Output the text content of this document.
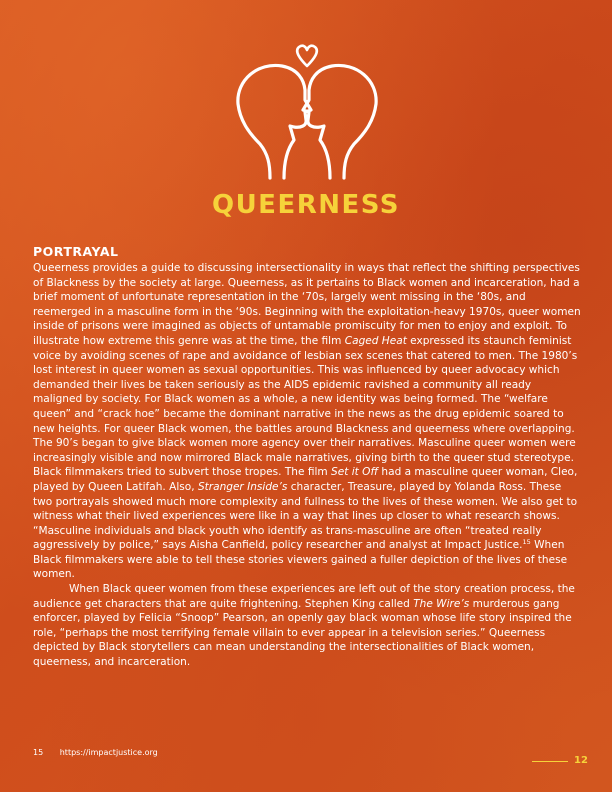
QUEERNESS
PORTRAYAL

Queerness provides a guide to discussing intersectionality in ways that reflect the shifting perspectives of Blackness by the society at large. Queerness, as it pertains to Black women and incarceration, had a brief moment of unfortunate representation in the ‘70s, largely went missing in the ‘80s, and reemerged in a masculine form in the ‘90s. Beginning with the exploitation-heavy 1970s, queer women inside of prisons were imagined as objects of untamable promiscuity for men to enjoy and exploit. To illustrate how extreme this genre was at the time, the film Caged Heat expressed its staunch feminist voice by avoiding scenes of rape and avoidance of lesbian sex scenes that catered to men. The 1980’s lost interest in queer women as sexual opportunities. This was influenced by queer advocacy which demanded their lives be taken seriously as the AIDS epidemic ravished a community all ready maligned by society. For Black women as a whole, a new identity was being formed. The “welfare queen” and “crack hoe” became the dominant narrative in the news as the drug epidemic soared to new heights. For queer Black women, the battles around Blackness and queerness where overlapping. The 90’s began to give black women more agency over their narratives. Masculine queer women were increasingly visible and now mirrored Black male narratives, giving birth to the queer stud stereotype. Black filmmakers tried to subvert those tropes. The film Set it Off had a masculine queer woman, Cleo, played by Queen Latifah. Also, Stranger Inside’s character, Treasure, played by Yolanda Ross. These two portrayals showed much more complexity and fullness to the lives of these women. We also get to witness what their lived experiences were like in a way that lines up closer to what research shows. “Masculine individuals and black youth who identify as trans-masculine are often “treated really aggressively by police,” says Aisha Canfield, policy researcher and analyst at Impact Justice.$^{15}$ When Black filmmakers were able to tell these stories viewers gained a fuller depiction of the lives of these women.

When Black queer women from these experiences are left out of the story creation process, the audience get characters that are quite frightening. Stephen King called The Wire’s murderous gang enforcer, played by Felicia “Snoop” Pearson, an openly gay black woman whose life story inspired the role, “perhaps the most terrifying female villain to ever appear in a television series.” Queerness depicted by Black storytellers can mean understanding the intersectionalities of Black women, queerness, and incarceration.

15 https://impactjustice.org
12
